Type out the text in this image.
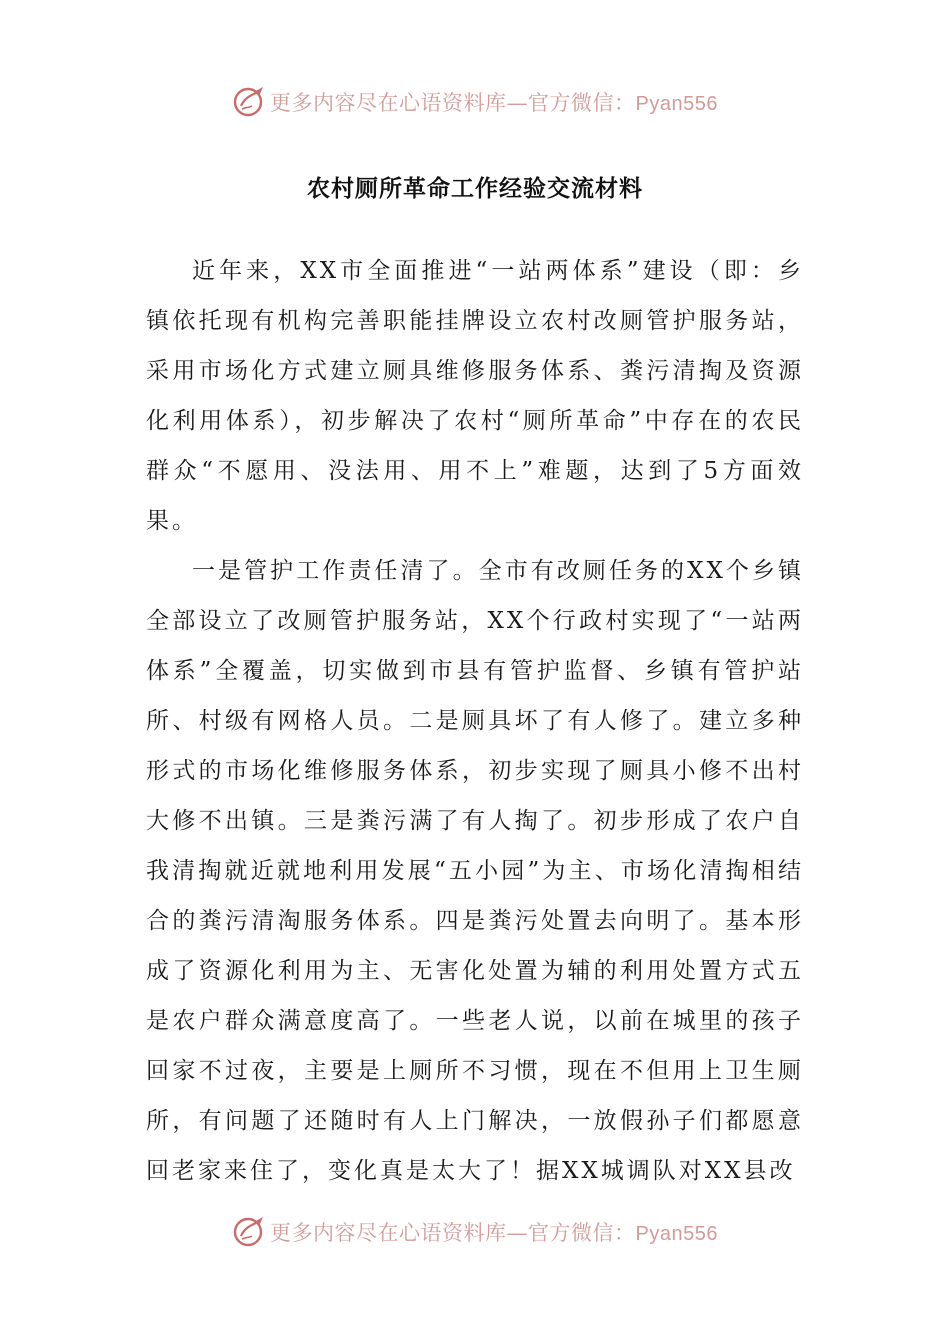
更多内容尽在心语资料库—官方微信：Pyan556
农村厕所革命工作经验交流材料

近年来，XX市全面推进“一站两体系”建设（即：乡镇依托现有机构完善职能挂牌设立农村改厕管护服务站，采用市场化方式建立厕具维修服务体系、粪污清掏及资源化利用体系），初步解决了农村“厕所革命”中存在的农民群众“不愿用、没法用、用不上”难题，达到了5方面效果。

一是管护工作责任清了。全市有改厕任务的XX个乡镇全部设立了改厕管护服务站，XX个行政村实现了“一站两体系”全覆盖，切实做到市县有管护监督、乡镇有管护站所、村级有网格人员。二是厕具坏了有人修了。建立多种形式的市场化维修服务体系，初步实现了厕具小修不出村大修不出镇。三是粪污满了有人掏了。初步形成了农户自我清掏就近就地利用发展“五小园”为主、市场化清掏相结合的粪污清淘服务体系。四是粪污处置去向明了。基本形成了资源化利用为主、无害化处置为辅的利用处置方式五是农户群众满意度高了。一些老人说，以前在城里的孩子回家不过夜，主要是上厕所不习惯，现在不但用上卫生厕所，有问题了还随时有人上门解决，一放假孙子们都愿意回老家来住了，变化真是太大了！据XX城调队对XX县改

更多内容尽在心语资料库—官方微信：Pyan556
